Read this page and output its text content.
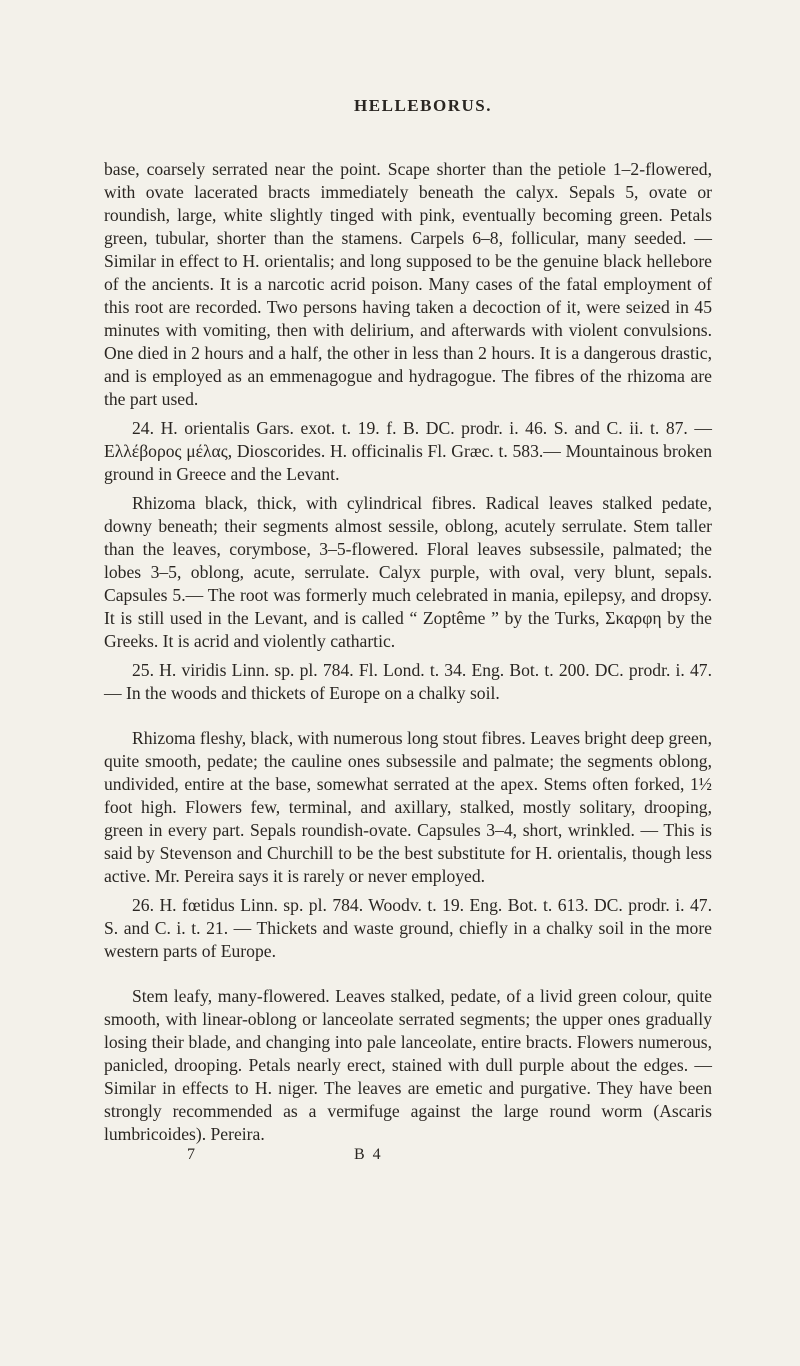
HELLEBORUS.

base, coarsely serrated near the point. Scape shorter than the petiole 1–2-flowered, with ovate lacerated bracts immediately beneath the calyx. Sepals 5, ovate or roundish, large, white slightly tinged with pink, eventually becoming green. Petals green, tubular, shorter than the stamens. Carpels 6–8, follicular, many seeded. — Similar in effect to H. orientalis; and long supposed to be the genuine black hellebore of the ancients. It is a narcotic acrid poison. Many cases of the fatal employment of this root are recorded. Two persons having taken a decoction of it, were seized in 45 minutes with vomiting, then with delirium, and afterwards with violent convulsions. One died in 2 hours and a half, the other in less than 2 hours. It is a dangerous drastic, and is employed as an emmenagogue and hydragogue. The fibres of the rhizoma are the part used.

24. H. orientalis Gars. exot. t. 19. f. B. DC. prodr. i. 46. S. and C. ii. t. 87. — Ελλέβορος μέλας, Dioscorides. H. officinalis Fl. Græc. t. 583.— Mountainous broken ground in Greece and the Levant.

Rhizoma black, thick, with cylindrical fibres. Radical leaves stalked pedate, downy beneath; their segments almost sessile, oblong, acutely serrulate. Stem taller than the leaves, corymbose, 3–5-flowered. Floral leaves subsessile, palmated; the lobes 3–5, oblong, acute, serrulate. Calyx purple, with oval, very blunt, sepals. Capsules 5.— The root was formerly much celebrated in mania, epilepsy, and dropsy. It is still used in the Levant, and is called “ Zoptême ” by the Turks, Σκαρφη by the Greeks. It is acrid and violently cathartic.

25. H. viridis Linn. sp. pl. 784. Fl. Lond. t. 34. Eng. Bot. t. 200. DC. prodr. i. 47. — In the woods and thickets of Europe on a chalky soil.

Rhizoma fleshy, black, with numerous long stout fibres. Leaves bright deep green, quite smooth, pedate; the cauline ones subsessile and palmate; the segments oblong, undivided, entire at the base, somewhat serrated at the apex. Stems often forked, 1½ foot high. Flowers few, terminal, and axillary, stalked, mostly solitary, drooping, green in every part. Sepals roundish-ovate. Capsules 3–4, short, wrinkled. — This is said by Stevenson and Churchill to be the best substitute for H. orientalis, though less active. Mr. Pereira says it is rarely or never employed.

26. H. fœtidus Linn. sp. pl. 784. Woodv. t. 19. Eng. Bot. t. 613. DC. prodr. i. 47. S. and C. i. t. 21. — Thickets and waste ground, chiefly in a chalky soil in the more western parts of Europe.

Stem leafy, many-flowered. Leaves stalked, pedate, of a livid green colour, quite smooth, with linear-oblong or lanceolate serrated segments; the upper ones gradually losing their blade, and changing into pale lanceolate, entire bracts. Flowers numerous, panicled, drooping. Petals nearly erect, stained with dull purple about the edges. — Similar in effects to H. niger. The leaves are emetic and purgative. They have been strongly recommended as a vermifuge against the large round worm (Ascaris lumbricoides). Pereira.

7	B 4
